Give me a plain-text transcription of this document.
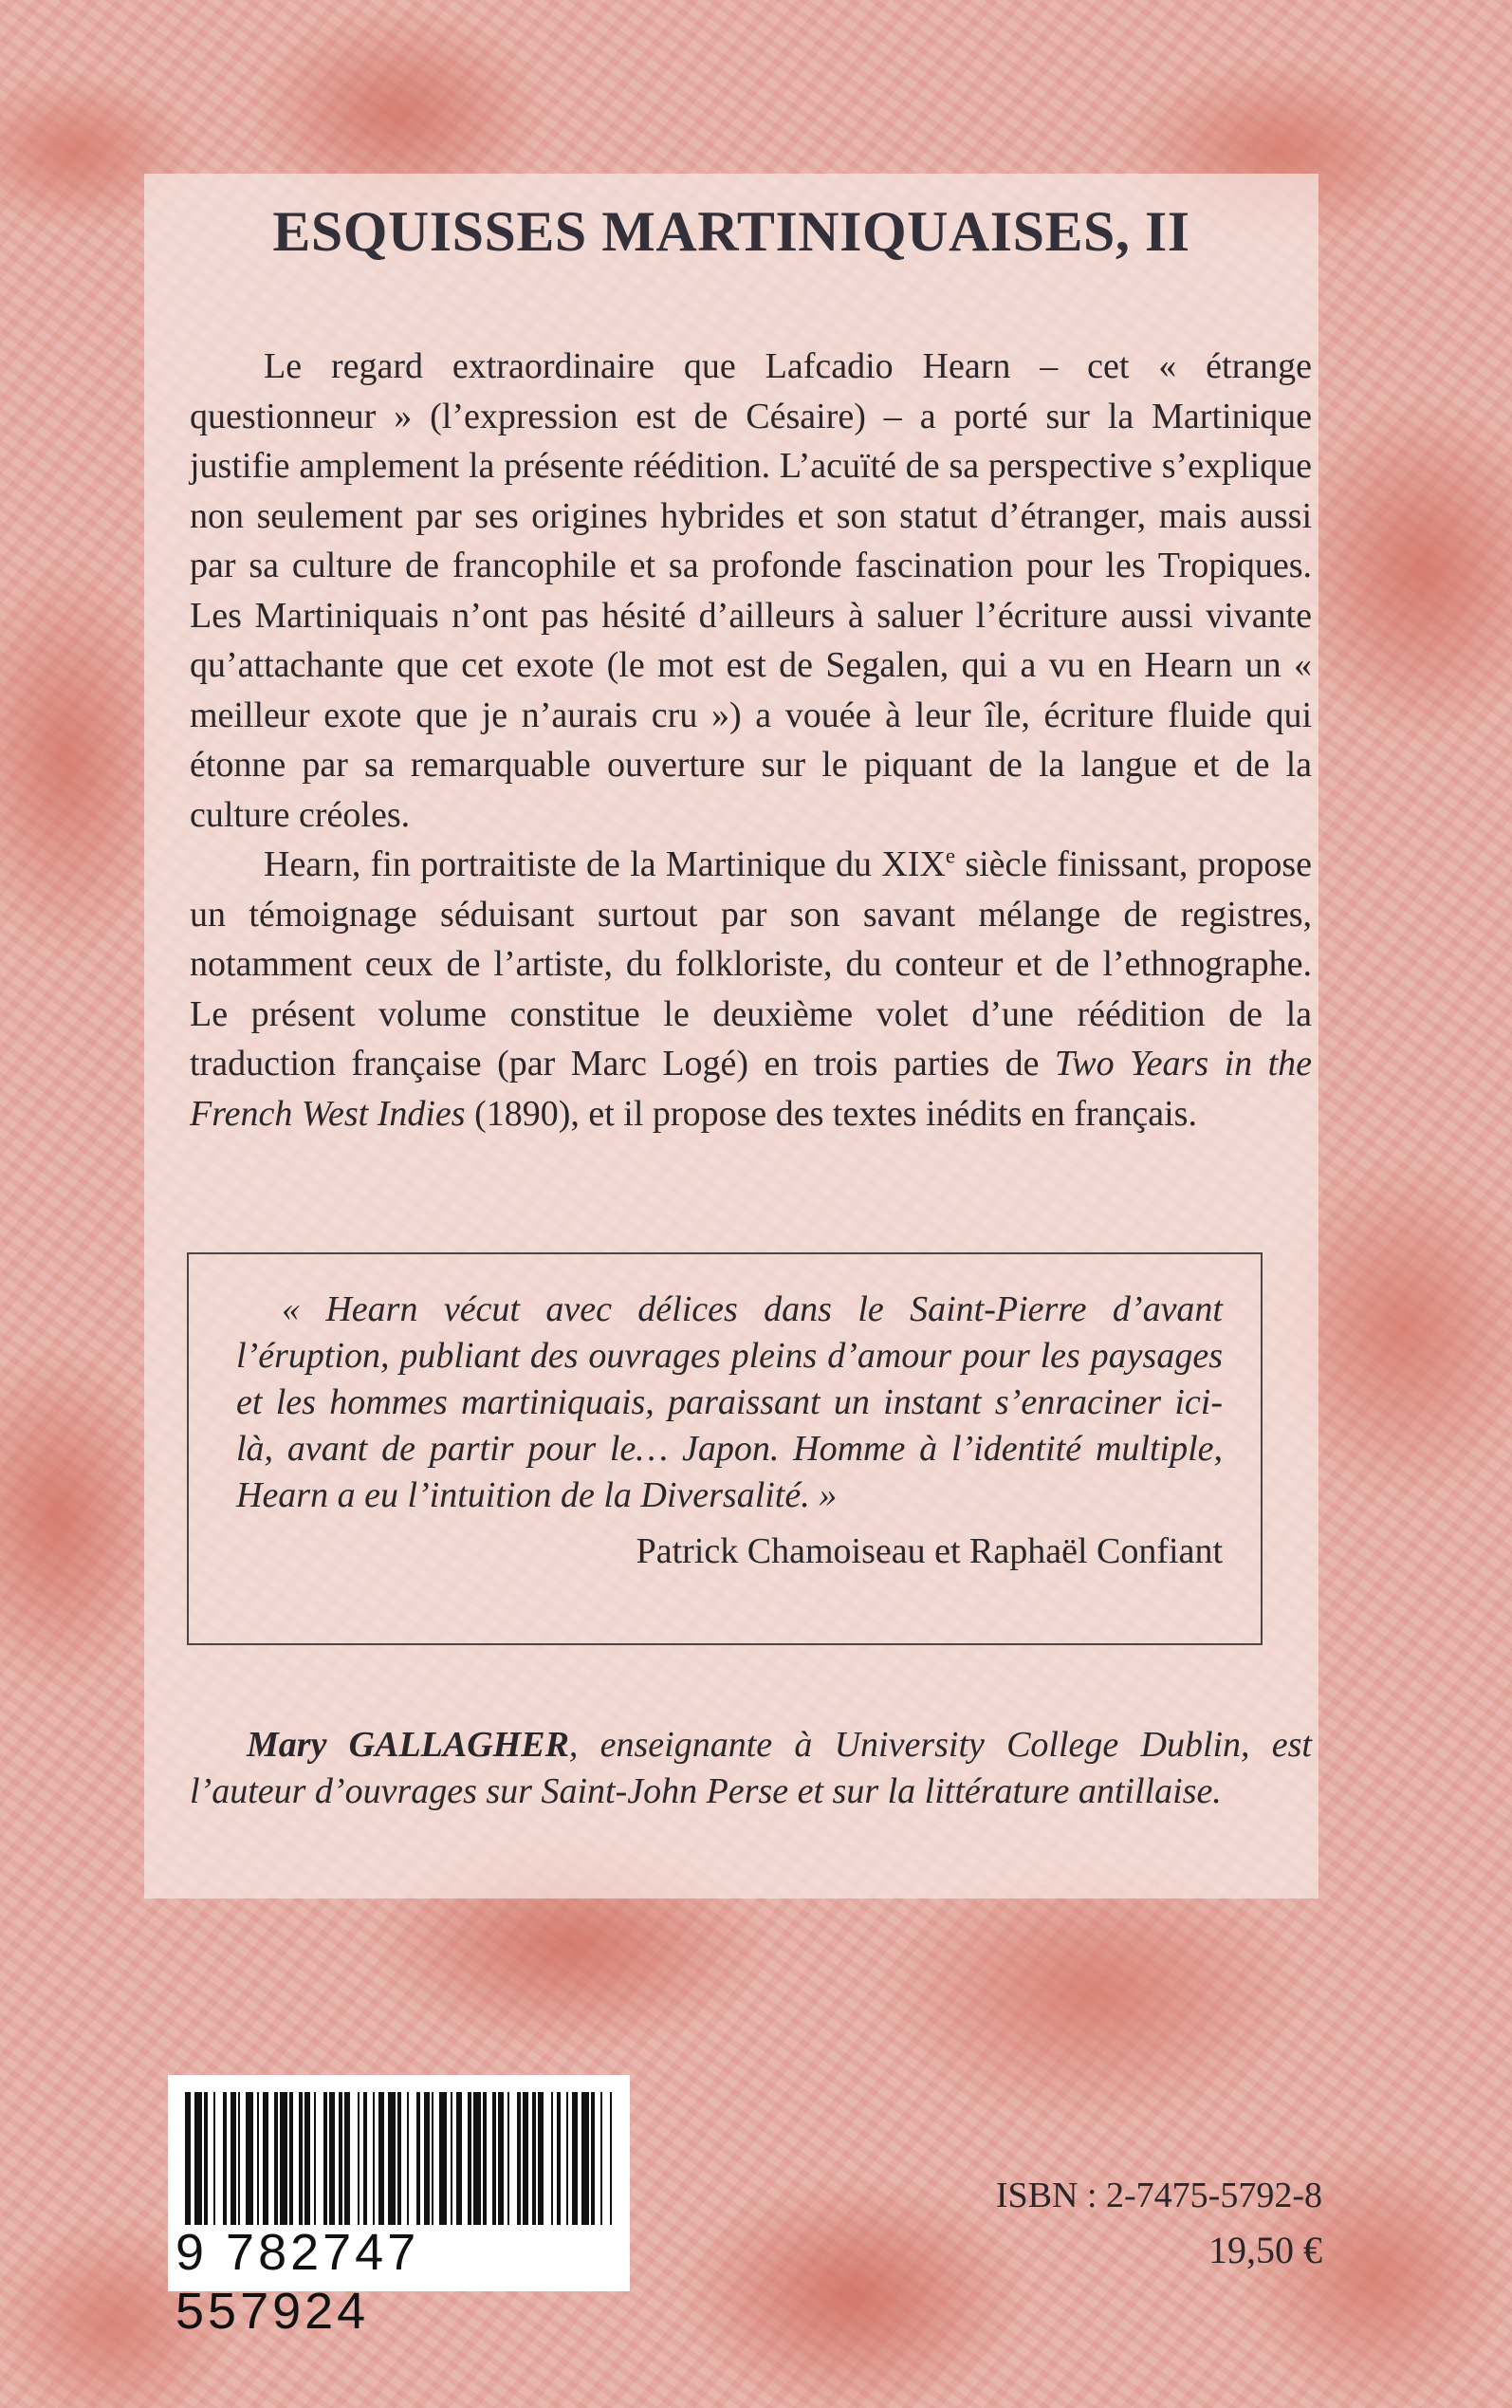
ESQUISSES MARTINIQUAISES, II

Le regard extraordinaire que Lafcadio Hearn – cet « étrange questionneur » (l’expression est de Césaire) – a porté sur la Martinique justifie amplement la présente réédition. L’acuïté de sa perspective s’explique non seulement par ses origines hybrides et son statut d’étranger, mais aussi par sa culture de francophile et sa profonde fascination pour les Tropiques. Les Martiniquais n’ont pas hésité d’ailleurs à saluer l’écriture aussi vivante qu’attachante que cet exote (le mot est de Segalen, qui a vu en Hearn un « meilleur exote que je n’aurais cru ») a vouée à leur île, écriture fluide qui étonne par sa remarquable ouverture sur le piquant de la langue et de la culture créoles.

Hearn, fin portraitiste de la Martinique du XIXe siècle finissant, propose un témoignage séduisant surtout par son savant mélange de registres, notamment ceux de l’artiste, du folkloriste, du conteur et de l’ethnographe. Le présent volume constitue le deuxième volet d’une réédition de la traduction française (par Marc Logé) en trois parties de Two Years in the French West Indies (1890), et il propose des textes inédits en français.

« Hearn vécut avec délices dans le Saint-Pierre d’avant l’éruption, publiant des ouvrages pleins d’amour pour les paysages et les hommes martiniquais, paraissant un instant s’enraciner ici-là, avant de partir pour le… Japon. Homme à l’identité multiple, Hearn a eu l’intuition de la Diversalité. »

Patrick Chamoiseau et Raphaël Confiant

Mary GALLAGHER, enseignante à University College Dublin, est l’auteur d’ouvrages sur Saint-John Perse et sur la littérature antillaise.

9 782747 557924
ISBN : 2-7475-5792-8
19,50 €
